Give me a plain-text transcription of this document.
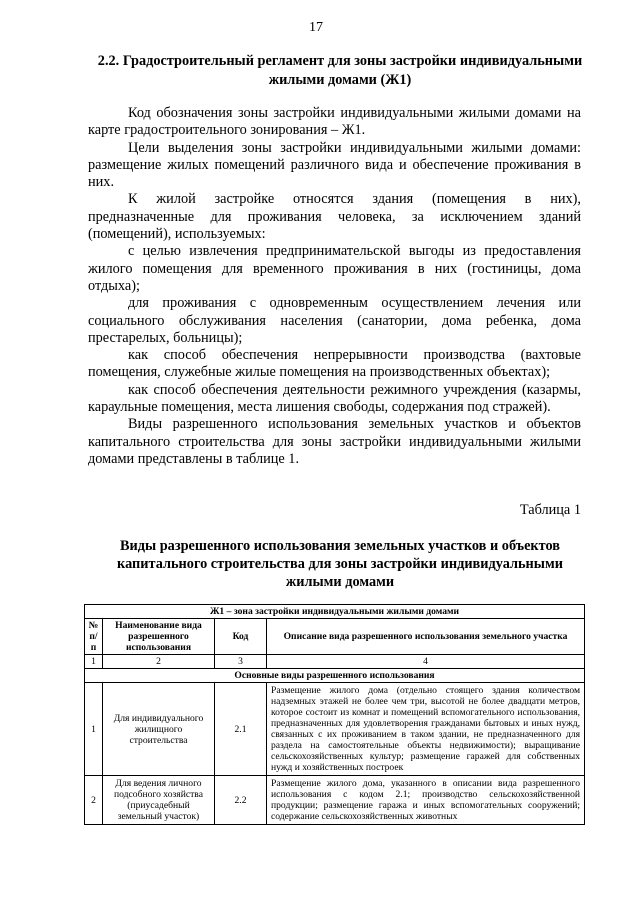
17
2.2. Градостроительный регламент для зоны застройки индивидуальными жилыми домами (Ж1)

Код обозначения зоны застройки индивидуальными жилыми домами на карте градостроительного зонирования – Ж1.

Цели выделения зоны застройки индивидуальными жилыми домами: размещение жилых помещений различного вида и обеспечение проживания в них.

К жилой застройке относятся здания (помещения в них), предназначенные для проживания человека, за исключением зданий (помещений), используемых:

с целью извлечения предпринимательской выгоды из предоставления жилого помещения для временного проживания в них (гостиницы, дома отдыха);

для проживания с одновременным осуществлением лечения или социального обслуживания населения (санатории, дома ребенка, дома престарелых, больницы);

как способ обеспечения непрерывности производства (вахтовые помещения, служебные жилые помещения на производственных объектах);

как способ обеспечения деятельности режимного учреждения (казармы, караульные помещения, места лишения свободы, содержания под стражей).

Виды разрешенного использования земельных участков и объектов капитального строительства для зоны застройки индивидуальными жилыми домами представлены в таблице 1.

Таблица 1
Виды разрешенного использования земельных участков и объектов капитального строительства для зоны застройки индивидуальными жилыми домами
Ж1 – зона застройки индивидуальными жилыми домами			
№ п/п	Наименование вида разрешенного использования	Код	Описание вида разрешенного использования земельного участка
1	2	3	4
Основные виды разрешенного использования			
1	Для индивидуального жилищного строительства	2.1	Размещение жилого дома (отдельно стоящего здания количеством надземных этажей не более чем три, высотой не более двадцати метров, которое состоит из комнат и помещений вспомогательного использования, предназначенных для удовлетворения гражданами бытовых и иных нужд, связанных с их проживанием в таком здании, не предназначенного для раздела на самостоятельные объекты недвижимости); выращивание сельскохозяйственных культур; размещение гаражей для собственных нужд и хозяйственных построек
2	Для ведения личного подсобного хозяйства (приусадебный земельный участок)	2.2	Размещение жилого дома, указанного в описании вида разрешенного использования с кодом 2.1; производство сельскохозяйственной продукции; размещение гаража и иных вспомогательных сооружений; содержание сельскохозяйственных животных
